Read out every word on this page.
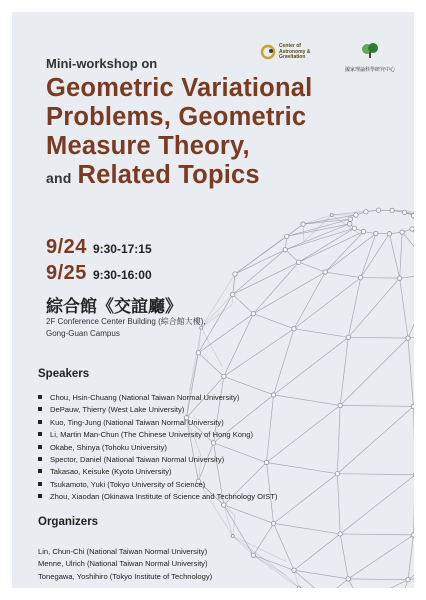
Center of Astronomy & Gravitation
國家理論科學研究中心
Mini-workshop on
Geometric Variational
Problems, Geometric
Measure Theory,
and Related Topics
9/24 9:30-17:15
9/25 9:30-16:00
綜合館《交誼廳》
2F Conference Center Building (綜合館大樓),
Gong-Guan Campus
Speakers
Chou, Hsin-Chuang (National Taiwan Normal University)
DePauw, Thierry (West Lake University)
Kuo, Ting-Jung (National Taiwan Normal University)
Li, Martin Man-Chun (The Chinese University of Hong Kong)
Okabe, Shinya (Tohoku University)
Spector, Daniel (National Taiwan Normal University)
Takasao, Keisuke (Kyoto University)
Tsukamoto, Yuki (Tokyo University of Science)
Zhou, Xiaodan (Okinawa Institute of Science and Technology OIST)
Organizers
Lin, Chun-Chi (National Taiwan Normal University)
Menne, Ulrich (National Taiwan Normal University)
Tonegawa, Yoshihiro (Tokyo Institute of Technology)
